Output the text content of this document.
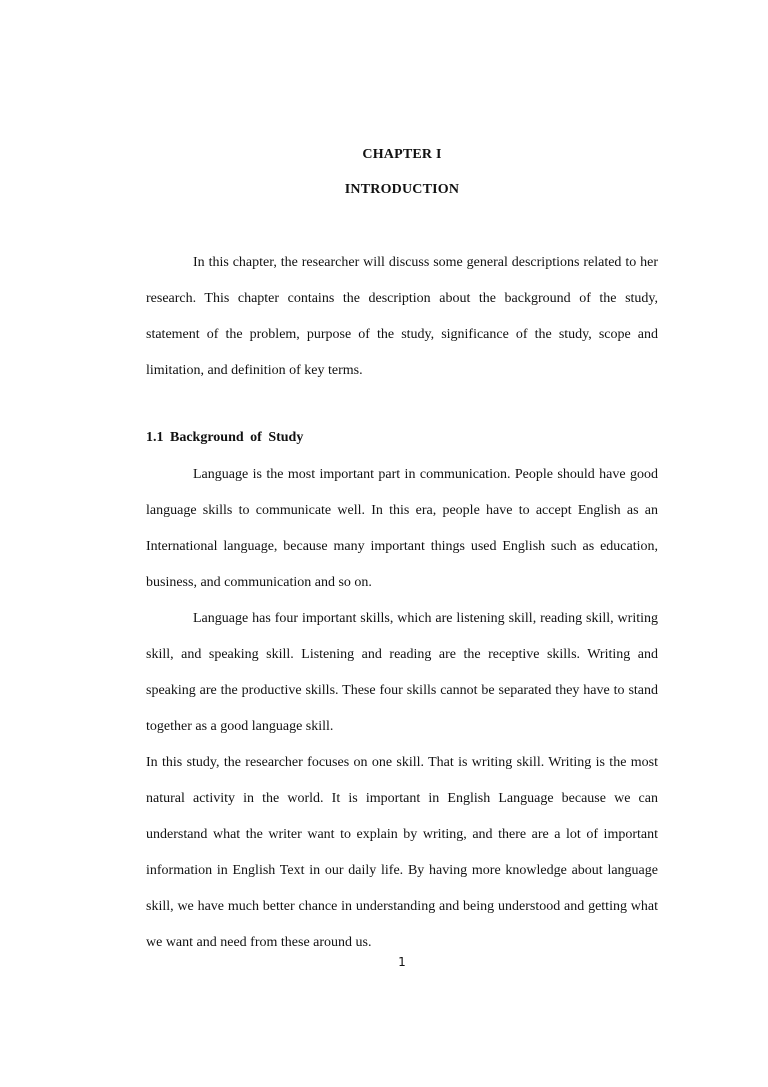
CHAPTER I
INTRODUCTION

In this chapter, the researcher will discuss some general descriptions related to her research. This chapter contains the description about the background of the study, statement of the problem, purpose of the study, significance of the study, scope and limitation, and definition of key terms.

1.1 Background of Study

Language is the most important part in communication. People should have good language skills to communicate well. In this era, people have to accept English as an International language, because many important things used English such as education, business, and communication and so on.

Language has four important skills, which are listening skill, reading skill, writing skill, and speaking skill. Listening and reading are the receptive skills. Writing and speaking are the productive skills. These four skills cannot be separated they have to stand together as a good language skill.

In this study, the researcher focuses on one skill. That is writing skill. Writing is the most natural activity in the world. It is important in English Language because we can understand what the writer want to explain by writing, and there are a lot of important information in English Text in our daily life. By having more knowledge about language skill, we have much better chance in understanding and being understood and getting what we want and need from these around us.

1
